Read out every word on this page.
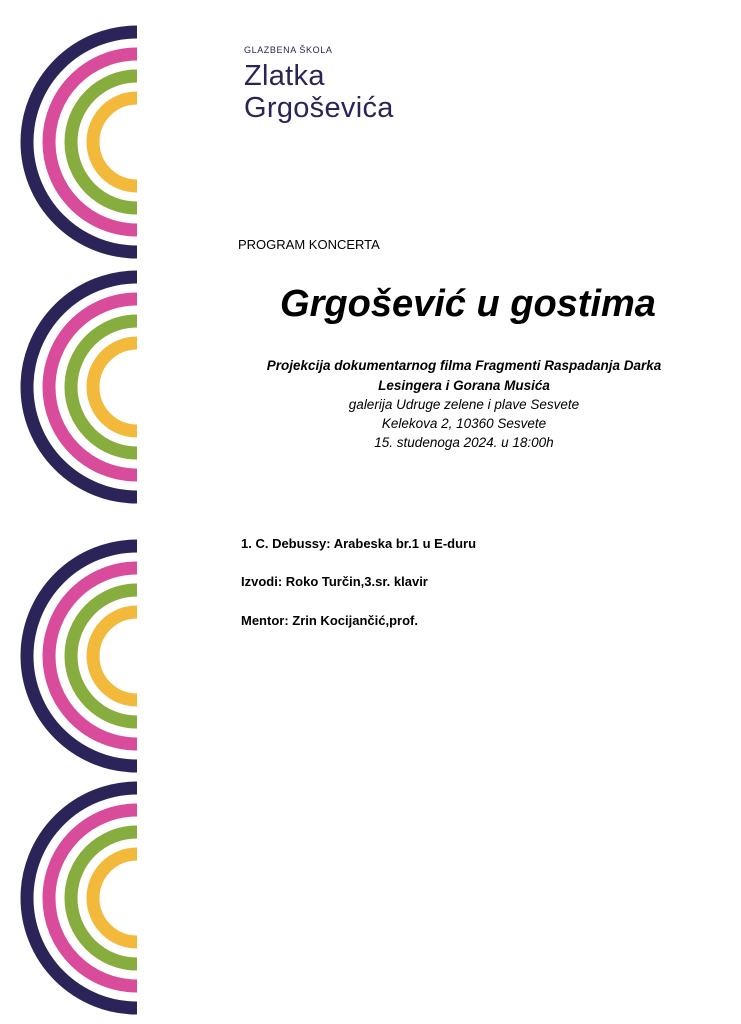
GLAZBENA ŠKOLA
Zlatka
Grgoševića
PROGRAM KONCERTA
Grgošević u gostima
Projekcija dokumentarnog filma Fragmenti Raspadanja Darka
Lesingera i Gorana Musića
galerija Udruge zelene i plave Sesvete
Kelekova 2, 10360 Sesvete
15. studenoga 2024. u 18:00h
1. C. Debussy: Arabeska br.1 u E-duru
Izvodi: Roko Turčin,3.sr. klavir
Mentor: Zrin Kocijančić,prof.
